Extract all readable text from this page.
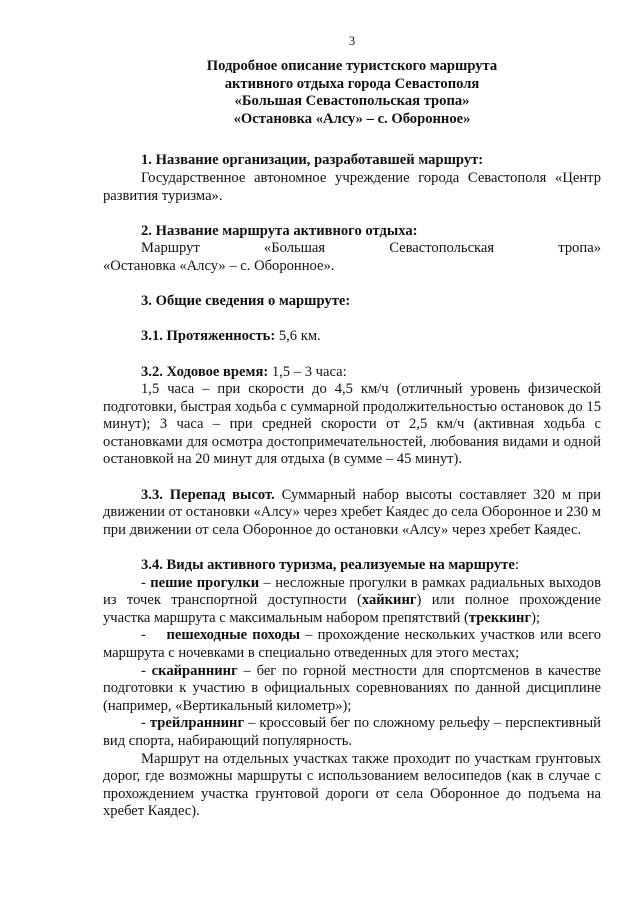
3
Подробное описание туристского маршрута
активного отдыха города Севастополя
«Большая Севастопольская тропа»
«Остановка «Алсу» – с. Оборонное»

1. Название организации, разработавшей маршрут:

Государственное автономное учреждение города Севастополя «Центр развития туризма».

2. Название маршрута активного отдыха:

Маршрут «Большая Севастопольская тропа»

«Остановка «Алсу» – с. Оборонное».

3. Общие сведения о маршруте:

3.1. Протяженность: 5,6 км.

3.2. Ходовое время: 1,5 – 3 часа:

1,5 часа – при скорости до 4,5 км/ч (отличный уровень физической подготовки, быстрая ходьба с суммарной продолжительностью остановок до 15 минут); 3 часа – при средней скорости от 2,5 км/ч (активная ходьба с остановками для осмотра достопримечательностей, любования видами и одной остановкой на 20 минут для отдыха (в сумме – 45 минут).

3.3. Перепад высот. Суммарный набор высоты составляет 320 м при движении от остановки «Алсу» через хребет Каядес до села Оборонное и 230 м при движении от села Оборонное до остановки «Алсу» через хребет Каядес.

3.4. Виды активного туризма, реализуемые на маршруте:

- пешие прогулки – несложные прогулки в рамках радиальных выходов из точек транспортной доступности (хайкинг) или полное прохождение участка маршрута с максимальным набором препятствий (треккинг);

-    пешеходные походы – прохождение нескольких участков или всего маршрута с ночевками в специально отведенных для этого местах;

- скайраннинг – бег по горной местности для спортсменов в качестве подготовки к участию в официальных соревнованиях по данной дисциплине (например, «Вертикальный километр»);

- трейлраннинг – кроссовый бег по сложному рельефу – перспективный вид спорта, набирающий популярность.

Маршрут на отдельных участках также проходит по участкам грунтовых дорог, где возможны маршруты с использованием велосипедов (как в случае с прохождением участка грунтовой дороги от села Оборонное до подъема на хребет Каядес).
